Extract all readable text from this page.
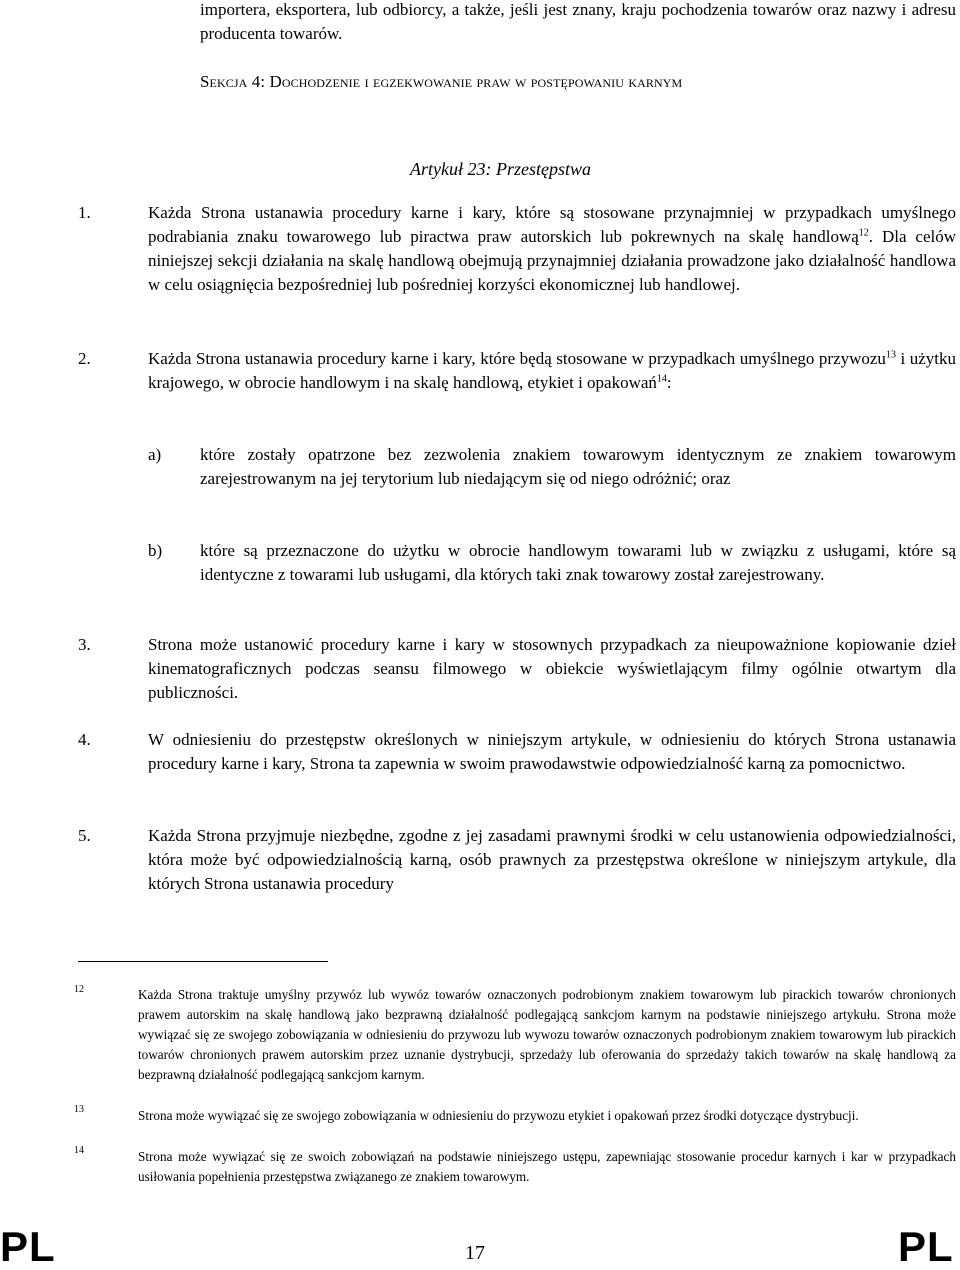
importera, eksportera, lub odbiorcy, a także, jeśli jest znany, kraju pochodzenia towarów oraz nazwy i adresu producenta towarów.
Sekcja 4: Dochodzenie i egzekwowanie praw w postępowaniu karnym
Artykuł 23: Przestępstwa
1.	Każda Strona ustanawia procedury karne i kary, które są stosowane przynajmniej w przypadkach umyślnego podrabiania znaku towarowego lub piractwa praw autorskich lub pokrewnych na skalę handlową$^{12}$. Dla celów niniejszej sekcji działania na skalę handlową obejmują przynajmniej działania prowadzone jako działalność handlowa w celu osiągnięcia bezpośredniej lub pośredniej korzyści ekonomicznej lub handlowej.
2.	Każda Strona ustanawia procedury karne i kary, które będą stosowane w przypadkach umyślnego przywozu$^{13}$ i użytku krajowego, w obrocie handlowym i na skalę handlową, etykiet i opakowań$^{14}$:
a) które zostały opatrzone bez zezwolenia znakiem towarowym identycznym ze znakiem towarowym zarejestrowanym na jej terytorium lub niedającym się od niego odróżnić; oraz
b) które są przeznaczone do użytku w obrocie handlowym towarami lub w związku z usługami, które są identyczne z towarami lub usługami, dla których taki znak towarowy został zarejestrowany.
3.	Strona może ustanowić procedury karne i kary w stosownych przypadkach za nieupoważnione kopiowanie dzieł kinematograficznych podczas seansu filmowego w obiekcie wyświetlającym filmy ogólnie otwartym dla publiczności.
4.	W odniesieniu do przestępstw określonych w niniejszym artykule, w odniesieniu do których Strona ustanawia procedury karne i kary, Strona ta zapewnia w swoim prawodawstwie odpowiedzialność karną za pomocnictwo.
5.	Każda Strona przyjmuje niezbędne, zgodne z jej zasadami prawnymi środki w celu ustanowienia odpowiedzialności, która może być odpowiedzialnością karną, osób prawnych za przestępstwa określone w niniejszym artykule, dla których Strona ustanawia procedury
12	Każda Strona traktuje umyślny przywóz lub wywóz towarów oznaczonych podrobionym znakiem towarowym lub pirackich towarów chronionych prawem autorskim na skalę handlową jako bezprawną działalność podlegającą sankcjom karnym na podstawie niniejszego artykułu. Strona może wywiązać się ze swojego zobowiązania w odniesieniu do przywozu lub wywozu towarów oznaczonych podrobionym znakiem towarowym lub pirackich towarów chronionych prawem autorskim przez uznanie dystrybucji, sprzedaży lub oferowania do sprzedaży takich towarów na skalę handlową za bezprawną działalność podlegającą sankcjom karnym.
13	Strona może wywiązać się ze swojego zobowiązania w odniesieniu do przywozu etykiet i opakowań przez środki dotyczące dystrybucji.
14	Strona może wywiązać się ze swoich zobowiązań na podstawie niniejszego ustępu, zapewniając stosowanie procedur karnych i kar w przypadkach usiłowania popełnienia przestępstwa związanego ze znakiem towarowym.
PL	17	PL
